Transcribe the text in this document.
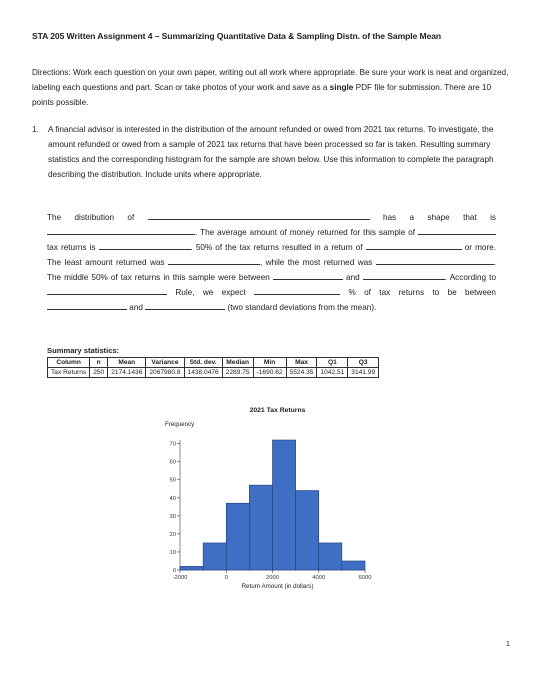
STA 205 Written Assignment 4 – Summarizing Quantitative Data & Sampling Distn. of the Sample Mean
Directions: Work each question on your own paper, writing out all work where appropriate. Be sure your work is neat and organized, labeling each questions and part. Scan or take photos of your work and save as a single PDF file for submission. There are 10 points possible.
1. A financial advisor is interested in the distribution of the amount refunded or owed from 2021 tax returns. To investigate, the amount refunded or owed from a sample of 2021 tax returns that have been processed so far is taken. Resulting summary statistics and the corresponding histogram for the sample are shown below. Use this information to complete the paragraph describing the distribution. Include units where appropriate.
The distribution of	has a shape that is . The average amount of money returned for this sample of  tax returns is	. 50% of the tax returns resulted in a return of	or more. The least amount returned was	, while the most returned was	. The middle 50% of tax returns in this sample were between	and	. According to  Rule, we expect	% of tax returns to be between  and	(two standard deviations from the mean).
Summary statistics:
Column	n	Mean	Variance	Std. dev.	Median	Min	Max	Q1	Q3
Tax Returns	250	2174.1436	2067980.8	1438.0476	2289.75	-1690.62	5524.35	1042.51	3141.99
2021 Tax Returns
Frequency
0
10
20
30
40
50
60
70
-2000	0	2000	4000	6000
Return Amount (in dollars)
1
